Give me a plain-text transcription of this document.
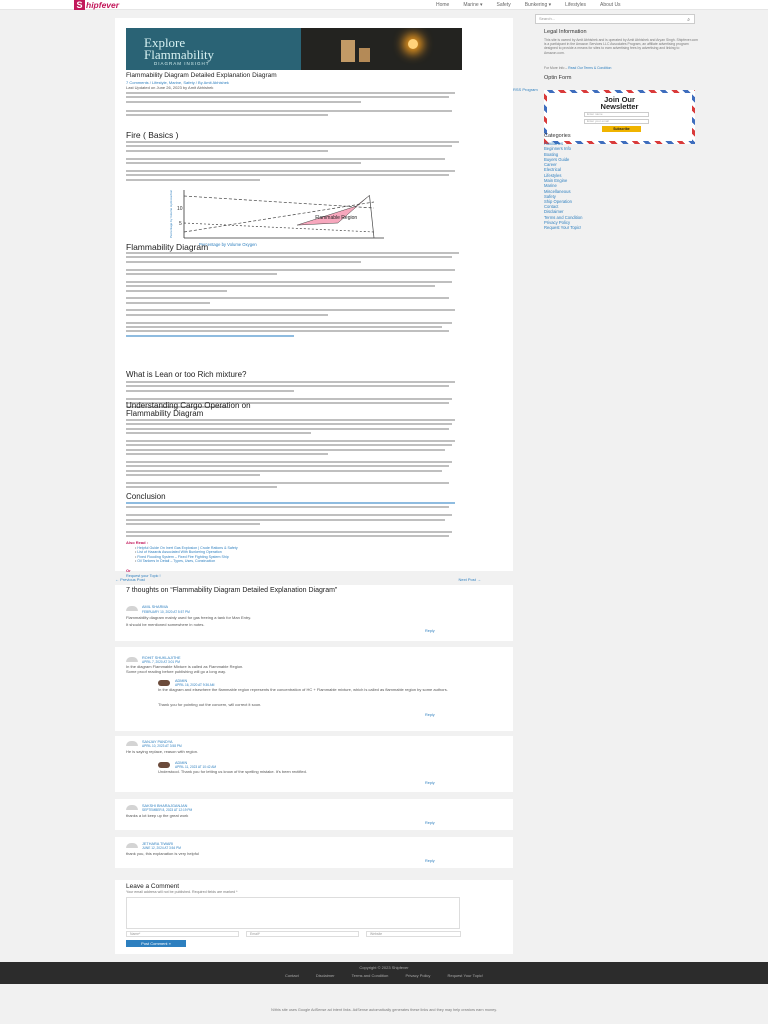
S hipfever	Home	Marine ▾	Safety	Bunkering ▾	Lifestyles	About Us
Explore
Flammability
DIAGRAM INSIGHT
Flammability Diagram Detailed Explanation Diagram
7 Comments / Lifestyle, Marine, Safety / By Amit Abhishek
Last Updated on June 26, 2023 by Amit Abhishek
Fire ( Basics )
10
5
Flammable Region
Percentage by Volume Oxygen
Percentage by Volume Hydrocarbon
Flammability Diagram
What is Lean or too Rich mixture?
Understanding Cargo Operation on
Flammability Diagram
Conclusion
Also Read :
• Helpful Guide On Inert Gas Explosion | Crude Rations & Safety
• List of Hazards Associated With Bunkering Operation
• Fixed Flooding System – Fixed Fire Fighting System Ship
• Oil Tankers In Detail – Types, Uses, Construction
Or
Request your Topic !
← Previous Post	Next Post →
7 thoughts on “Flammability Diagram Detailed Explanation Diagram”
AMIL SHARMA
FEBRUARY 10, 2020 AT 5:57 PM
Flammability diagram mainly used for gas freeing a tank for Man Entry.
It should be mentioned somewhere in notes.
Reply
ROHIT SHUKLAJITHE
APRIL 7, 2020 AT 3:01 PM
In the diagram Flammable Mixture is called as Flammable Region.
Some proof reading before publishing will go a long way.
ADMIN
APRIL 16, 2020 AT 9:36 AM
In the diagram and elsewhere the flammable region represents the concentration of HC + Flammable mixture, which is called as flammable region by some authors.
Thank you for pointing out the concern, will correct it soon.
Reply
SANJAY PANDYA
APRIL 10, 2023 AT 3:58 PM
He is saying replace, reason with region.
ADMIN
APRIL 11, 2023 AT 10:42 AM
Understood. Thank you for letting us know of the spelling mistake. It's been rectified.
Reply
SAKSHI BHARAJGANJAN
SEPTEMBER 8, 2023 AT 12:19 PM
thanks a lot keep up the great work
Reply
JETHARA TIWARI
JUNE 12, 2024 AT 3:54 PM
thank you, this explanation is very helpful
Reply
Leave a Comment
Your email address will not be published. Required fields are marked *
Name*	Email*	Website
Post Comment »
Search...	⌕
Legal Information
This site is owned by Amit Abhishek and is operated by Amit Abhishek and Aryan Singh. Shipfever.com is a participant in the Amazon Services LLC Associates Program, an affiliate advertising program designed to provide a means for sites to earn advertising fees by advertising and linking to Amazon.com.
For More Info – Read Our Terms & Condition
Optin Form
RSS Program
Join Our
Newsletter
Enter name
Enter your email
Subscribe
Categories
Auxiliaries
Beginners Info
Boating
Buyers Guide
Career
Electrical
Lifestyles
Main Engine
Marine
Miscellaneous
Safety
Ship Operation
Contact
Disclaimer
Terms and Condition
Privacy Policy
Request Your Topic!
Copyright © 2023 Shipfever
Contact	Disclaimer	Terms and Condition	Privacy Policy	Request Your Topic!
N/this site uses Google AdSense ad intent links. AdSense automatically generates these links and they may help creators earn money.
